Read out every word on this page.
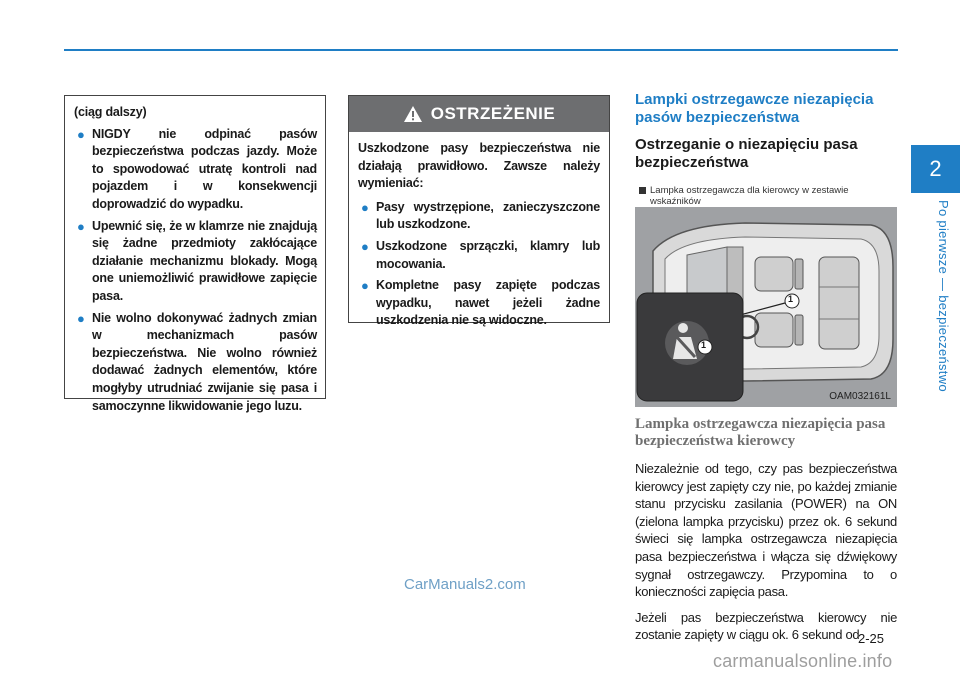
(ciąg dalszy)
● NIGDY nie odpinać pasów bezpieczeństwa podczas jazdy. Może to spowodować utratę kontroli nad pojazdem i w konsekwencji doprowadzić do wypadku.
● Upewnić się, że w klamrze nie znajdują się żadne przedmioty zakłócające działanie mechanizmu blokady. Mogą one uniemożliwić prawidłowe zapięcie pasa.
● Nie wolno dokonywać żadnych zmian w mechanizmach pasów bezpieczeństwa. Nie wolno również dodawać żadnych elementów, które mogłyby utrudniać zwijanie się pasa i samoczynne likwidowanie jego luzu.
OSTRZEŻENIE

Uszkodzone pasy bezpieczeństwa nie działają prawidłowo. Zawsze należy wymieniać:

● Pasy wystrzępione, zanieczyszczone lub uszkodzone.
● Uszkodzone sprzączki, klamry lub mocowania.
● Kompletne pasy zapięte podczas wypadku, nawet jeżeli żadne uszkodzenia nie są widoczne.
Lampki ostrzegawcze niezapięcia pasów bezpieczeństwa
Ostrzeganie o niezapięciu pasa bezpieczeństwa
Lampka ostrzegawcza dla kierowcy w zestawie wskaźników
1
1
OAM032161L
Lampka ostrzegawcza niezapięcia pasa bezpieczeństwa kierowcy

Niezależnie od tego, czy pas bezpieczeństwa kierowcy jest zapięty czy nie, po każdej zmianie stanu przycisku zasilania (POWER) na ON (zielona lampka przycisku) przez ok. 6 sekund świeci się lampka ostrzegawcza niezapięcia pasa bezpieczeństwa i włącza się dźwiękowy sygnał ostrzegawczy. Przypomina to o konieczności zapięcia pasa.

Jeżeli pas bezpieczeństwa kierowcy nie zostanie zapięty w ciągu ok. 6 sekund od

2
Po pierwsze — bezpieczeństwo
2-25
CarManuals2.com
carmanualsonline.info
